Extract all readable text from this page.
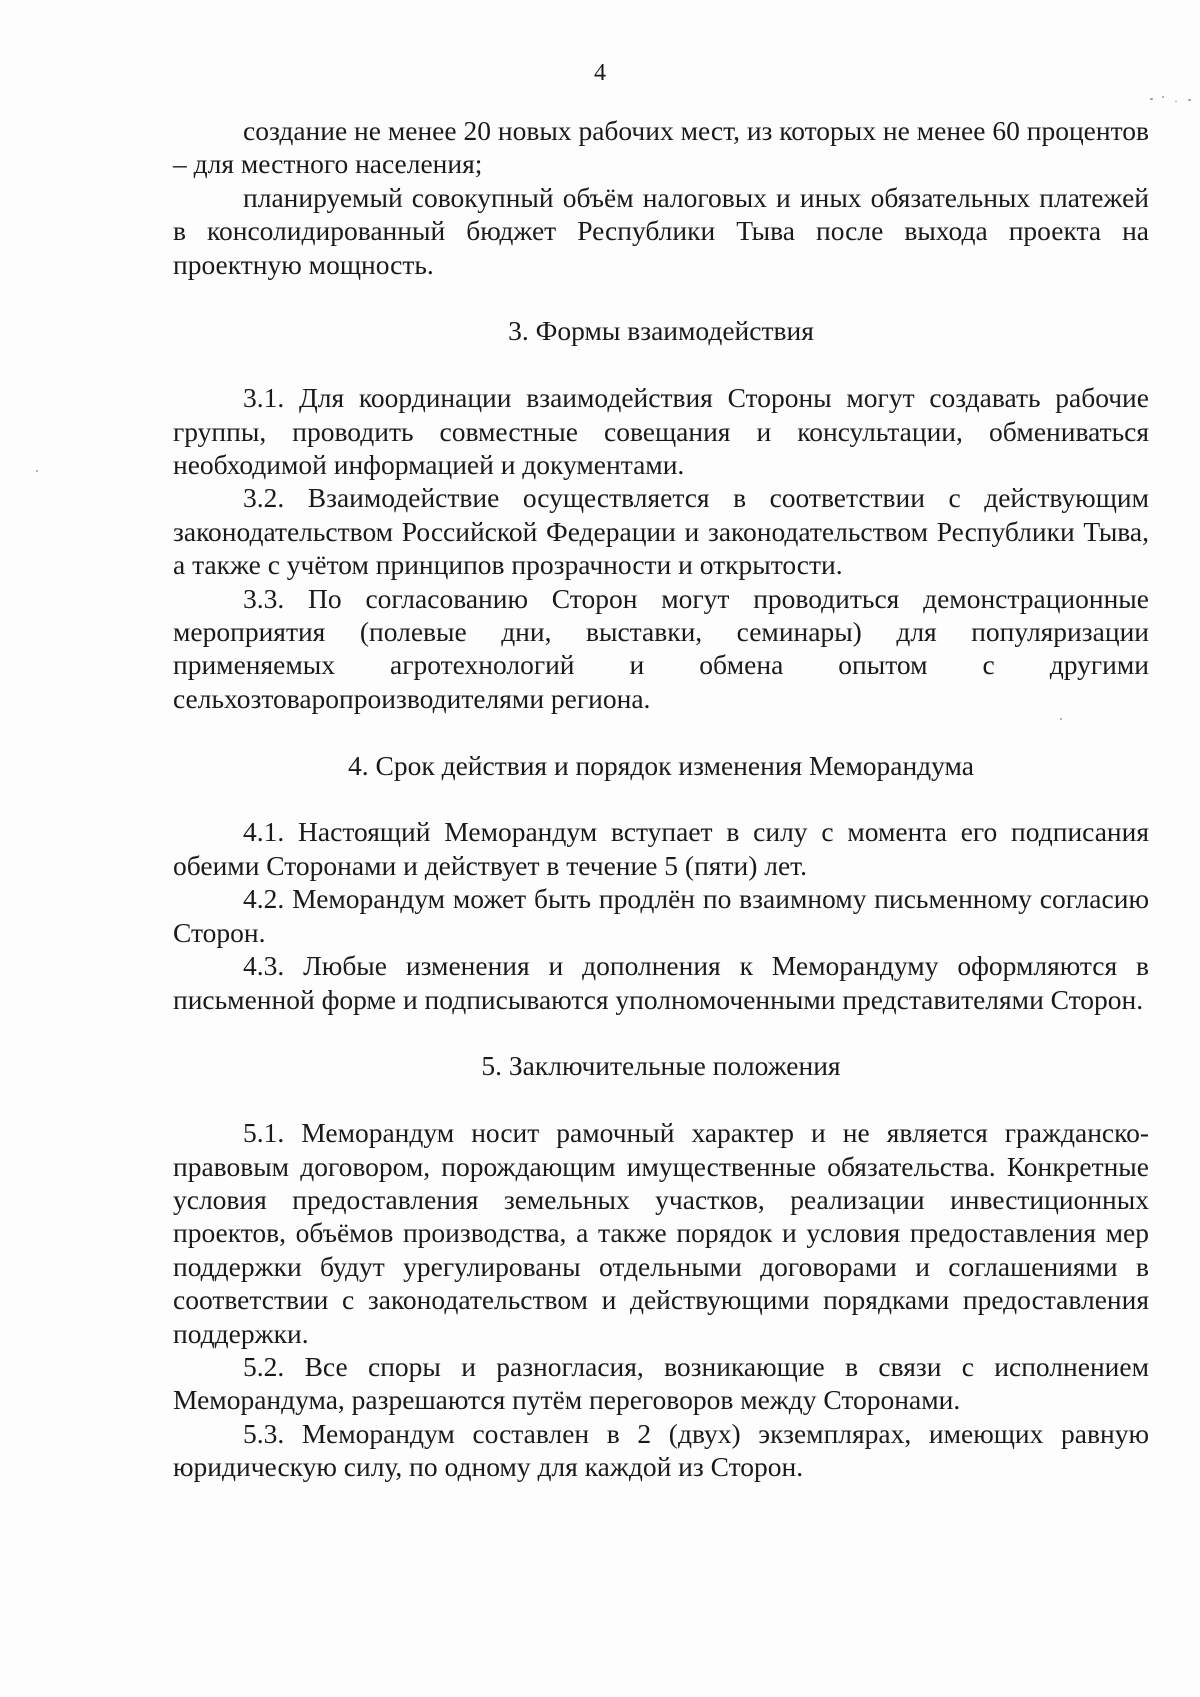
4

создание не менее 20 новых рабочих мест, из которых не менее 60 процентов – для местного населения;

планируемый совокупный объём налоговых и иных обязательных платежей в консолидированный бюджет Республики Тыва после выхода проекта на проектную мощность.

3. Формы взаимодействия

3.1. Для координации взаимодействия Стороны могут создавать рабочие группы, проводить совместные совещания и консультации, обмениваться необходимой информацией и документами.

3.2. Взаимодействие осуществляется в соответствии с действующим законодательством Российской Федерации и законодательством Республики Тыва, а также с учётом принципов прозрачности и открытости.

3.3. По согласованию Сторон могут проводиться демонстрационные мероприятия (полевые дни, выставки, семинары) для популяризации применяемых агротехнологий и обмена опытом с другими сельхозтоваропроизводителями региона.

4. Срок действия и порядок изменения Меморандума

4.1. Настоящий Меморандум вступает в силу с момента его подписания обеими Сторонами и действует в течение 5 (пяти) лет.

4.2. Меморандум может быть продлён по взаимному письменному согласию Сторон.

4.3. Любые изменения и дополнения к Меморандуму оформляются в письменной форме и подписываются уполномоченными представителями Сторон.

5. Заключительные положения

5.1. Меморандум носит рамочный характер и не является гражданско-правовым договором, порождающим имущественные обязательства. Конкретные условия предоставления земельных участков, реализации инвестиционных проектов, объёмов производства, а также порядок и условия предоставления мер поддержки будут урегулированы отдельными договорами и соглашениями в соответствии с законодательством и действующими порядками предоставления поддержки.

5.2. Все споры и разногласия, возникающие в связи с исполнением Меморандума, разрешаются путём переговоров между Сторонами.

5.3. Меморандум составлен в 2 (двух) экземплярах, имеющих равную юридическую силу, по одному для каждой из Сторон.
